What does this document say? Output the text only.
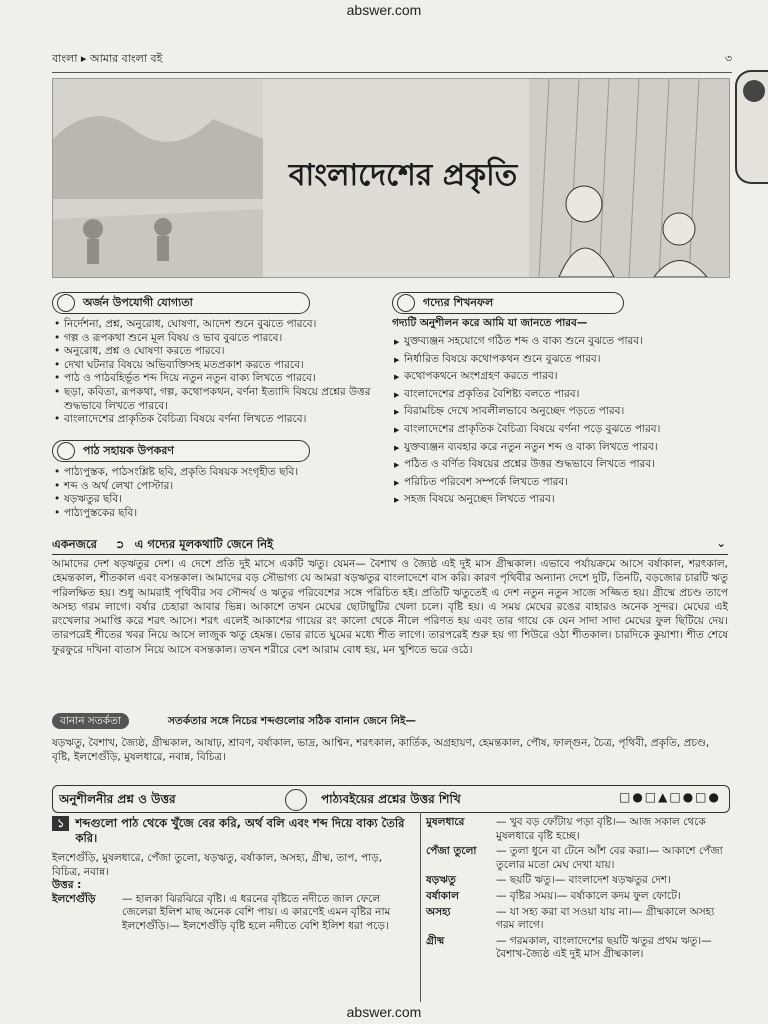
abswer.com
abswer.com
বাংলা ▸ আমার বাংলা বই	৩
বাংলাদেশের প্রকৃতি
অর্জন উপযোগী যোগ্যতা
• নির্দেশনা, প্রশ্ন, অনুরোধ, ঘোষণা, আদেশ শুনে বুঝতে পারবে।
• গল্প ও রূপকথা শুনে মূল বিষয় ও ভাব বুঝতে পারবে।
• অনুরোধ, প্রশ্ন ও ঘোষণা করতে পারবে।
• দেখা ঘটনার বিষয়ে অভিব্যক্তিসহ মতপ্রকাশ করতে পারবে।
• পাঠ ও পাঠবহির্ভূত শব্দ দিয়ে নতুন নতুন বাক্য লিখতে পারবে।
• ছড়া, কবিতা, রূপকথা, গল্প, কথোপকথন, বর্ণনা ইত্যাদি বিষয়ে প্রশ্নের উত্তর শুদ্ধভাবে লিখতে পারবে।
• বাংলাদেশের প্রাকৃতিক বৈচিত্র্য বিষয়ে বর্ণনা লিখতে পারবে।
পাঠ সহায়ক উপকরণ
• পাঠ্যপুস্তক, পাঠসংশ্লিষ্ট ছবি, প্রকৃতি বিষয়ক সংগৃহীত ছবি।
• শব্দ ও অর্থ লেখা পোস্টার।
• ষড়ঋতুর ছবি।
• পাঠ্যপুস্তকের ছবি।
গদ্যের শিখনফল
গদ্যটি অনুশীলন করে আমি যা জানতে পারব—
▶ যুক্তব্যঞ্জন সহযোগে গঠিত শব্দ ও বাক্য শুনে বুঝতে পারব।
▶ নির্ধারিত বিষয়ে কথোপকথন শুনে বুঝতে পারব।
▶ কথোপকথনে অংশগ্রহণ করতে পারব।
▶ বাংলাদেশের প্রকৃতির বৈশিষ্ট্য বলতে পারব।
▶ বিরামচিহ্ন দেখে সাবলীলভাবে অনুচ্ছেদ পড়তে পারব।
▶ বাংলাদেশের প্রাকৃতিক বৈচিত্র্য বিষয়ে বর্ণনা পড়ে বুঝতে পারব।
▶ যুক্তব্যঞ্জন ব্যবহার করে নতুন নতুন শব্দ ও বাক্য লিখতে পারব।
▶ পঠিত ও বর্ণিত বিষয়ের প্রশ্নের উত্তর শুদ্ধভাবে লিখতে পারব।
▶ পরিচিত পরিবেশ সম্পর্কে লিখতে পারব।
▶ সহজ বিষয়ে অনুচ্ছেদ লিখতে পারব।
একনজরে ➲ এ গদ্যের মূলকথাটি জেনে নিই	⌄
আমাদের দেশ ষড়ঋতুর দেশ। এ দেশে প্রতি দুই মাসে একটি ঋতু। যেমন— বৈশাখ ও জ্যৈষ্ঠ এই দুই মাস গ্রীষ্মকাল। এভাবে পর্যায়ক্রমে আসে বর্ষাকাল, শরৎকাল, হেমন্তকাল, শীতকাল এবং বসন্তকাল। আমাদের বড় সৌভাগ্য যে আমরা ষড়ঋতুর বাংলাদেশে বাস করি। কারণ পৃথিবীর অন্যান্য দেশে দুটি, তিনটি, বড়জোর চারটি ঋতু পরিলক্ষিত হয়। শুধু আমরাই পৃথিবীর সব সৌন্দর্য ও ঋতুর পরিবেশের সঙ্গে পরিচিত হই। প্রতিটি ঋতুতেই এ দেশ নতুন নতুন সাজে সজ্জিত হয়। গ্রীষ্মে প্রচণ্ড তাপে অসহ্য গরম লাগে। বর্ষার চেহারা আবার ভিন্ন। আকাশে তখন মেঘের ছোটাছুটির খেলা চলে। বৃষ্টি হয়। এ সময় মেঘের রঙের বাহারও অনেক সুন্দর। মেঘের এই রংখেলার সমাপ্তি করে শরৎ আসে। শরৎ এলেই আকাশের গায়ের রং কালো থেকে নীলে পরিণত হয় এবং তার গায়ে কে যেন সাদা সাদা মেঘের ফুল ছিটিয়ে দেয়। তারপরেই শীতের খবর নিয়ে আসে লাজুক ঋতু হেমন্ত। ভোর রাতে ঘুমের মধ্যে শীত লাগে। তারপরেই শুরু হয় গা শিউরে ওঠা শীতকাল। চারদিকে কুয়াশা। শীত শেষে ফুরফুরে দখিনা বাতাস নিয়ে আসে বসন্তকাল। তখন শরীরে বেশ আরাম বোধ হয়, মন খুশিতে ভরে ওঠে।
বানান সতর্কতা	সতর্কতার সঙ্গে নিচের শব্দগুলোর সঠিক বানান জেনে নিই—
ষড়ঋতু, বৈশাখ, জ্যৈষ্ঠ, গ্রীষ্মকাল, আষাঢ়, শ্রাবণ, বর্ষাকাল, ভাদ্র, আশ্বিন, শরৎকাল, কার্তিক, অগ্রহায়ণ, হেমন্তকাল, পৌষ, ফাল্গুন, চৈত্র, পৃথিবী, প্রকৃতি, প্রচণ্ড, বৃষ্টি, ইলশেগুঁড়ি, মুষলধারে, নবান্ন, বিচিত্র।
অনুশীলনীর প্রশ্ন ও উত্তর	পাঠ্যবইয়ের প্রশ্নের উত্তর শিখি	□●□▲□●□●
১ শব্দগুলো পাঠ থেকে খুঁজে বের করি, অর্থ বলি এবং শব্দ দিয়ে বাক্য তৈরি করি।
ইলশেগুঁড়ি, মুষলধারে, পেঁজা তুলো, ষড়ঋতু, বর্ষাকাল, অসহ্য, গ্রীষ্ম, তাপ, পাড়, বিচিত্র, নবান্ন।
উত্তর :
ইলশেগুঁড়ি	— হালকা ঝিরঝিরে বৃষ্টি। এ ধরনের বৃষ্টিতে নদীতে জাল ফেলে জেলেরা ইলিশ মাছ অনেক বেশি পায়। এ কারণেই এমন বৃষ্টির নাম ইলশেগুঁড়ি।— ইলশেগুঁড়ি বৃষ্টি হলে নদীতে বেশি ইলিশ ধরা পড়ে।
মুষলধারে	— খুব বড় ফোঁটায় পড়া বৃষ্টি।— আজ সকাল থেকে মুষলধারে বৃষ্টি হচ্ছে।
পেঁজা তুলো	— তুলা ধুনে বা টেনে আঁশ বের করা।— আকাশে পেঁজা তুলোর মতো মেঘ দেখা যায়।
ষড়ঋতু	— ছয়টি ঋতু।— বাংলাদেশ ষড়ঋতুর দেশ।
বর্ষাকাল	— বৃষ্টির সময়।— বর্ষাকালে কদম ফুল ফোটে।
অসহ্য	— যা সহ্য করা বা সওয়া যায় না।— গ্রীষ্মকালে অসহ্য গরম লাগে।
গ্রীষ্ম	— গরমকাল, বাংলাদেশের ছয়টি ঋতুর প্রথম ঋতু।— বৈশাখ-জ্যৈষ্ঠ এই দুই মাস গ্রীষ্মকাল।
